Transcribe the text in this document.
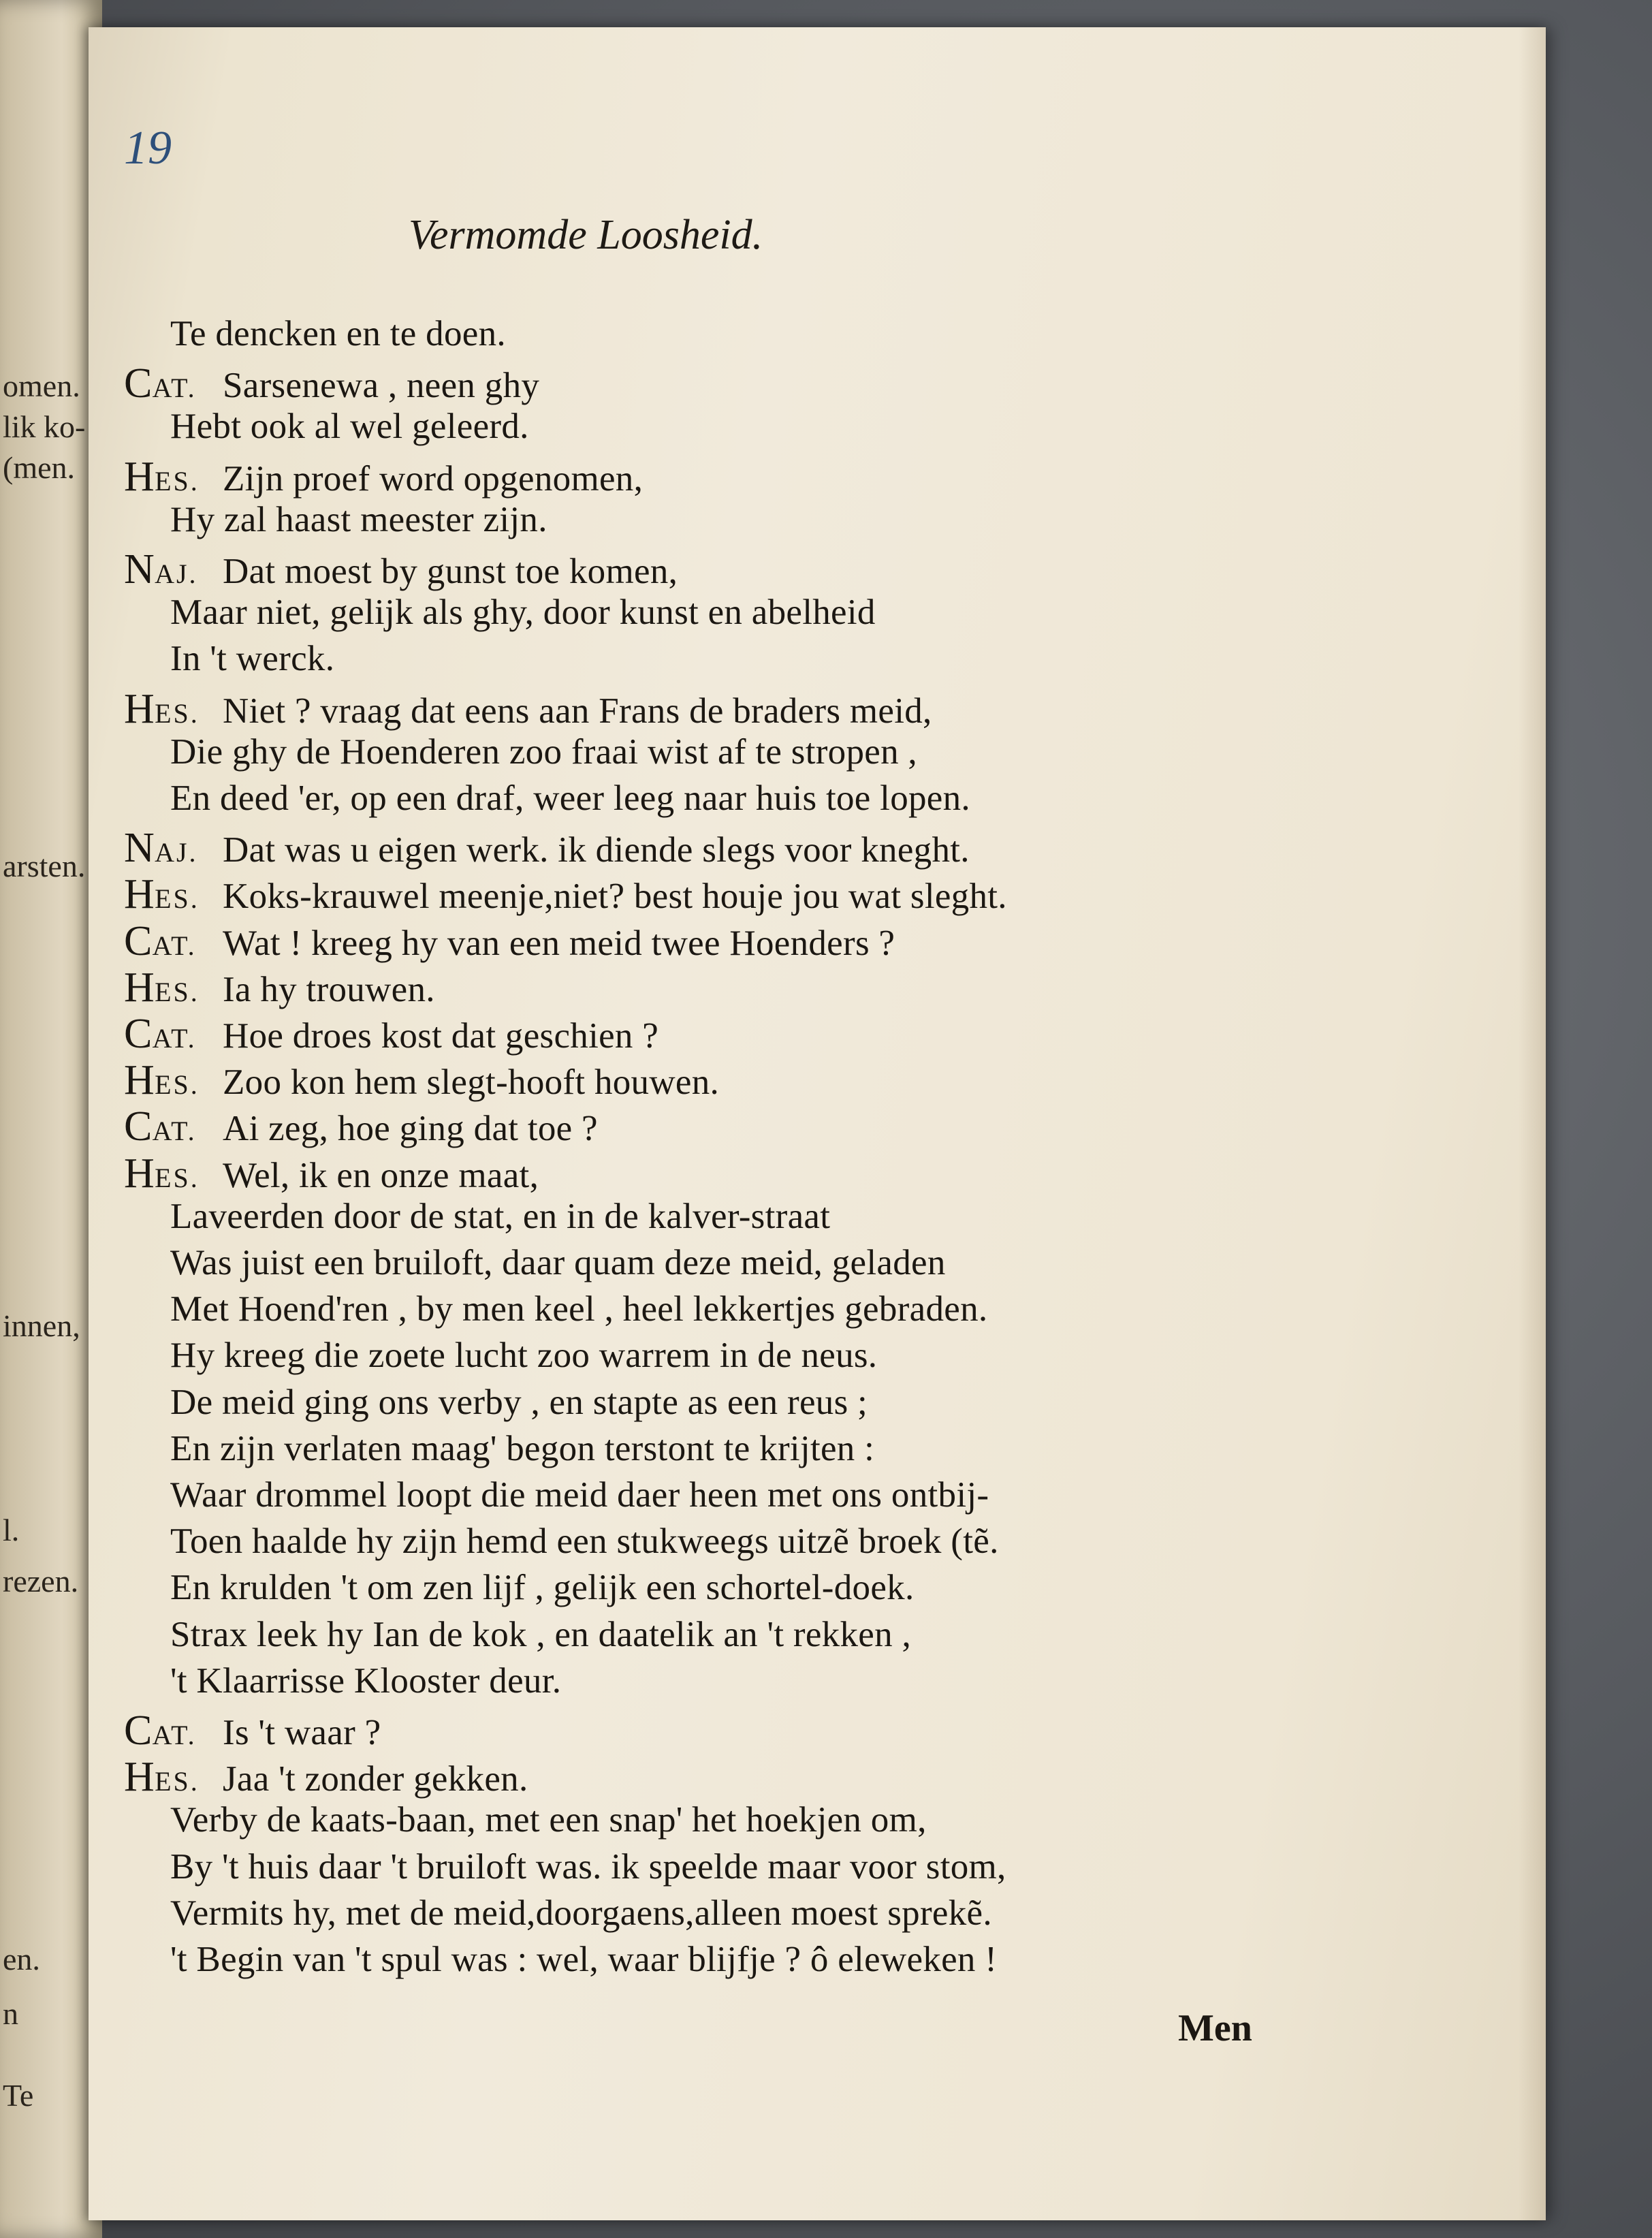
omen.
lik ko-
(men.
arsten.
innen,
l.
rezen.
en.
n
Te
19
Vermomde Loosheid.
Te dencken en te doen.
CAT. Sarsenewa , neen ghy
Hebt ook al wel geleerd.
HES. Zijn proef word opgenomen,
Hy zal haast meester zijn.
NAJ. Dat moest by gunst toe komen,
Maar niet, gelijk als ghy, door kunst en abelheid
In 't werck.
HES. Niet ? vraag dat eens aan Frans de braders meid,
Die ghy de Hoenderen zoo fraai wist af te stropen ,
En deed 'er, op een draf, weer leeg naar huis toe lopen.
NAJ. Dat was u eigen werk. ik diende slegs voor kneght.
HES. Koks-krauwel meenje,niet? best houje jou wat sleght.
CAT. Wat ! kreeg hy van een meid twee Hoenders ?
HES. Ia hy trouwen.
CAT. Hoe droes kost dat geschien ?
HES. Zoo kon hem slegt-hooft houwen.
CAT. Ai zeg, hoe ging dat toe ?
HES. Wel, ik en onze maat,
Laveerden door de stat, en in de kalver-straat
Was juist een bruiloft, daar quam deze meid, geladen
Met Hoend'ren , by men keel , heel lekkertjes gebraden.
Hy kreeg die zoete lucht zoo warrem in de neus.
De meid ging ons verby , en stapte as een reus ;
En zijn verlaten maag' begon terstont te krijten :
Waar drommel loopt die meid daer heen met ons ontbij-
Toen haalde hy zijn hemd een stukweegs uitzẽ broek (tẽ.
En krulden 't om zen lijf , gelijk een schortel-doek.
Strax leek hy Ian de kok , en daatelik an 't rekken ,
't Klaarrisse Klooster deur.
CAT. Is 't waar ?
HES. Jaa 't zonder gekken.
Verby de kaats-baan, met een snap' het hoekjen om,
By 't huis daar 't bruiloft was. ik speelde maar voor stom,
Vermits hy, met de meid,doorgaens,alleen moest sprekẽ.
't Begin van 't spul was : wel, waar blijfje ? ô eleweken !
Men
